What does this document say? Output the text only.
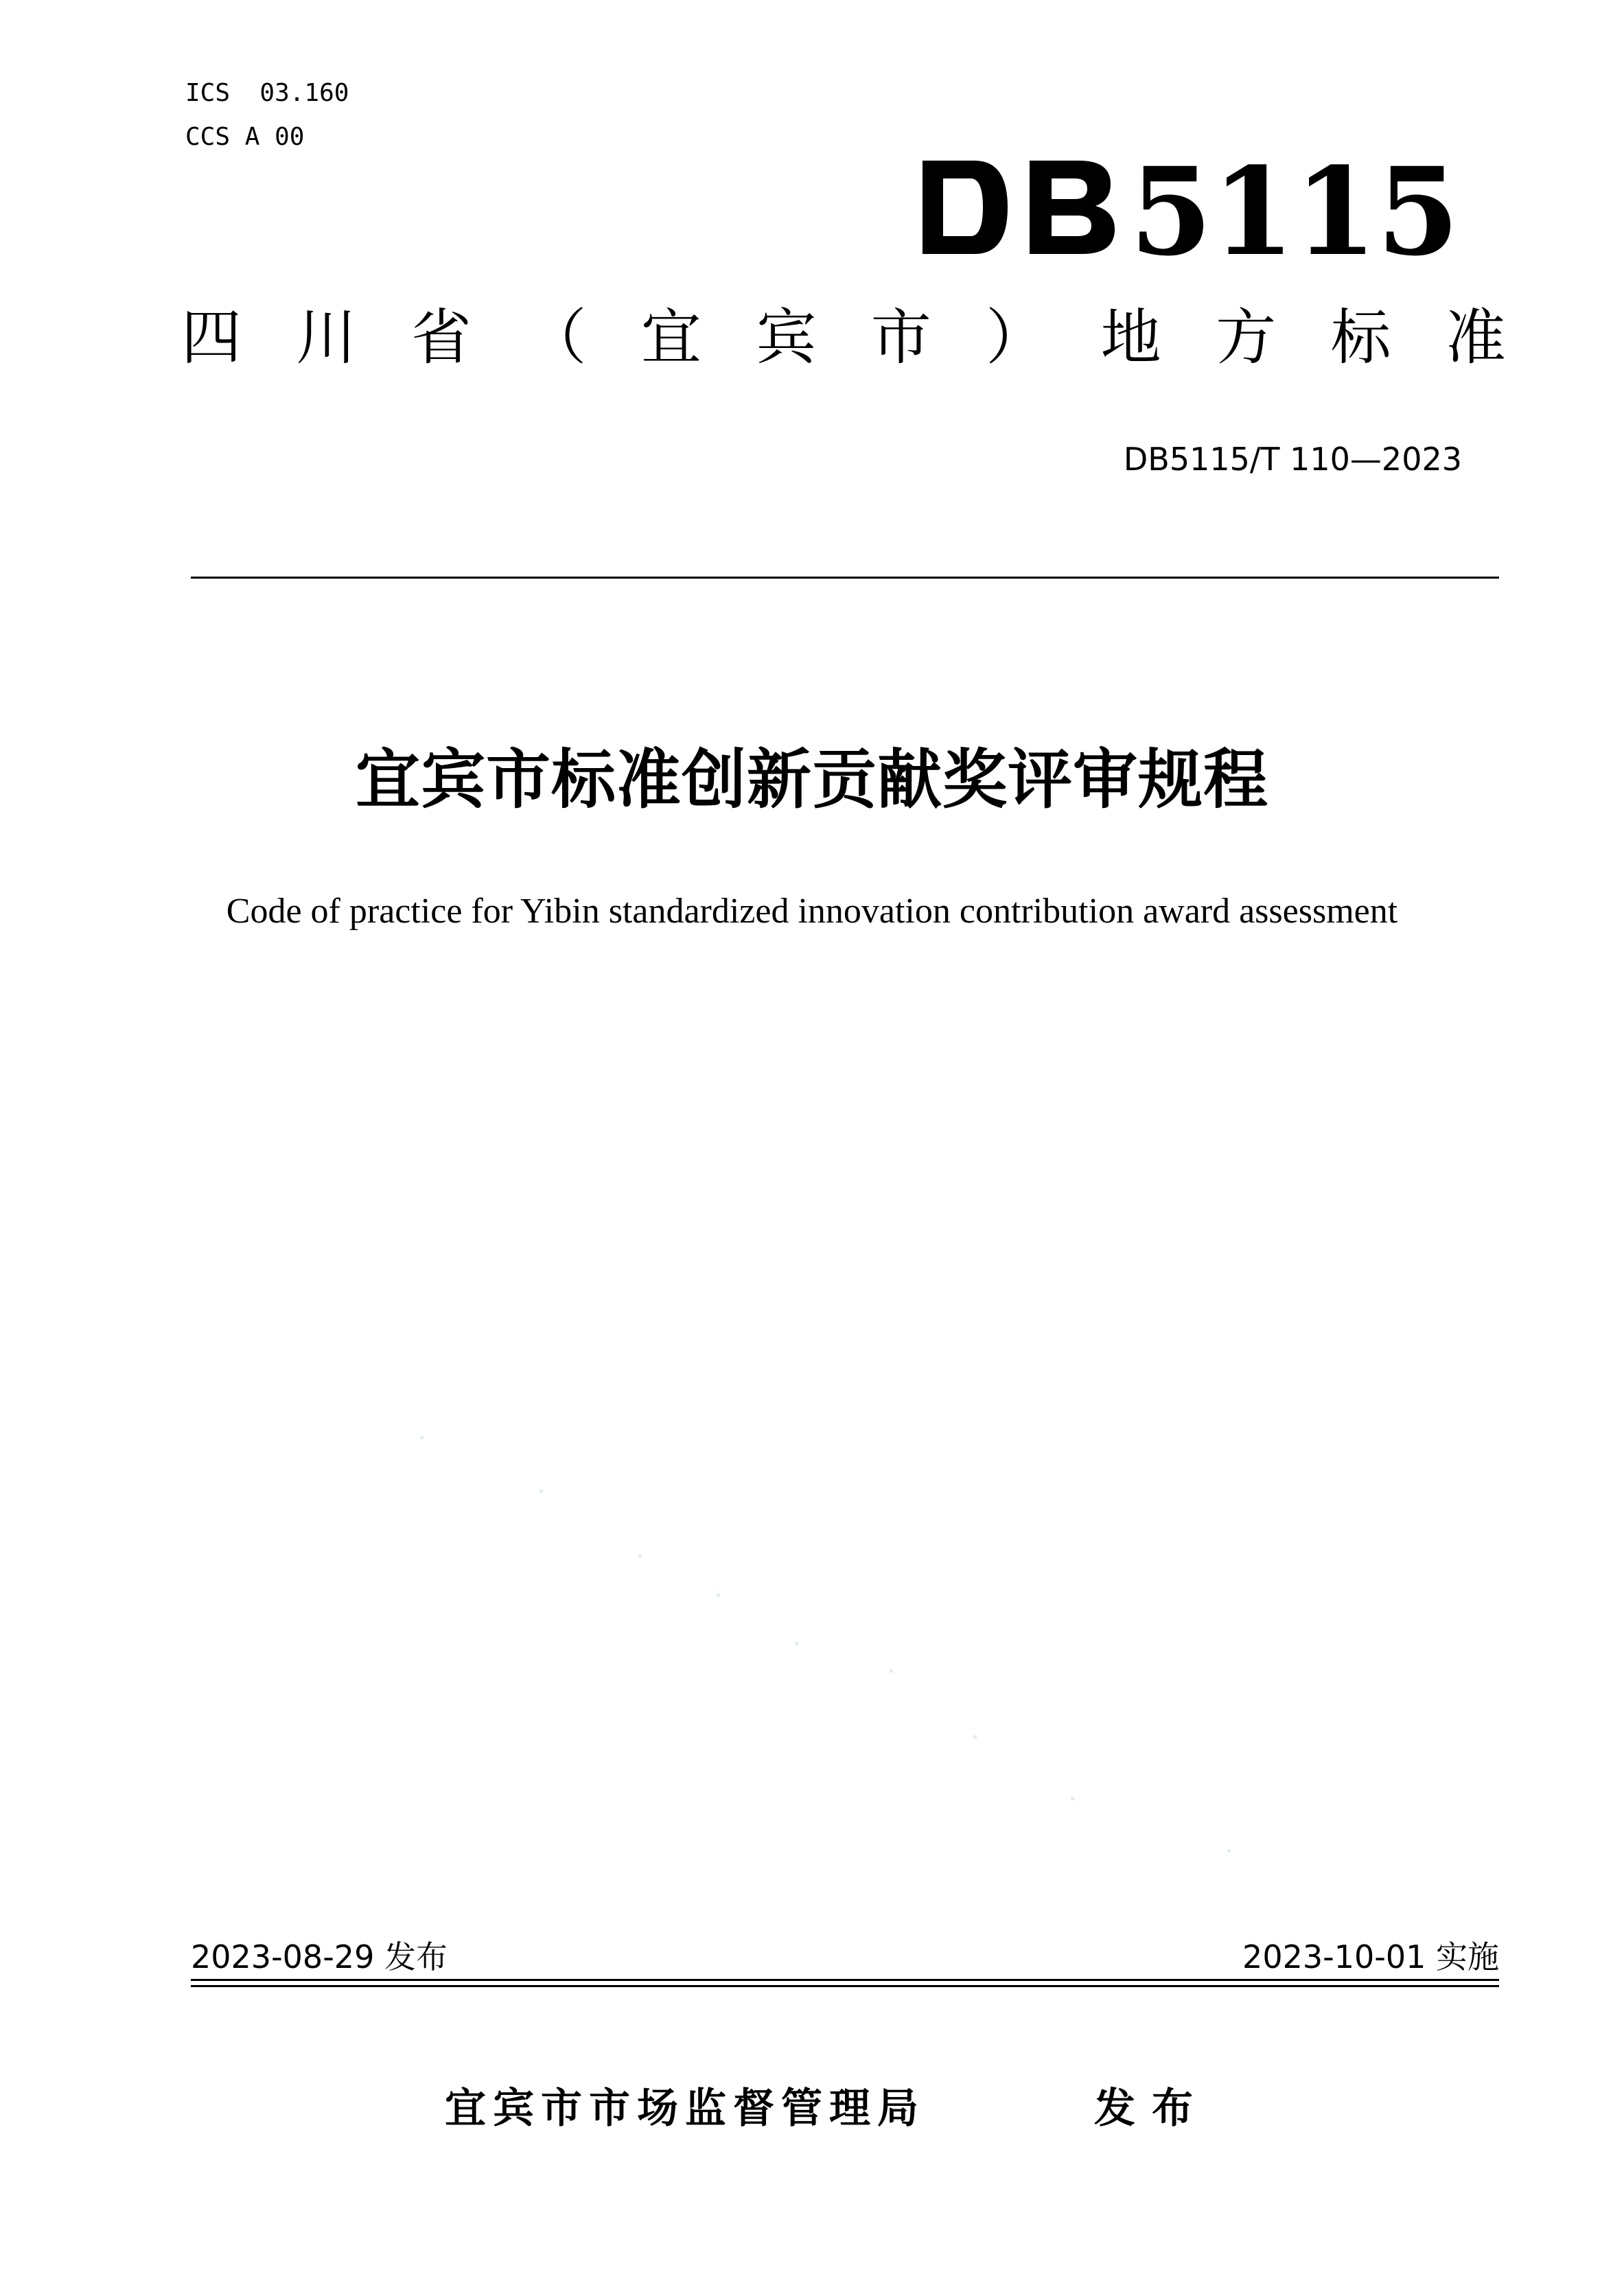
ICS 03.160
CCS A 00
5115
四 川 省 （ 宜 宾 市 ） 地 方 标 准
DB5115/T 110—2023
宜宾市标准创新贡献奖评审规程
Code of practice for Yibin standardized innovation contribution award assessment
2023-08-29 发布	2023-10-01 实施
宜宾市市场监督管理局	发布
